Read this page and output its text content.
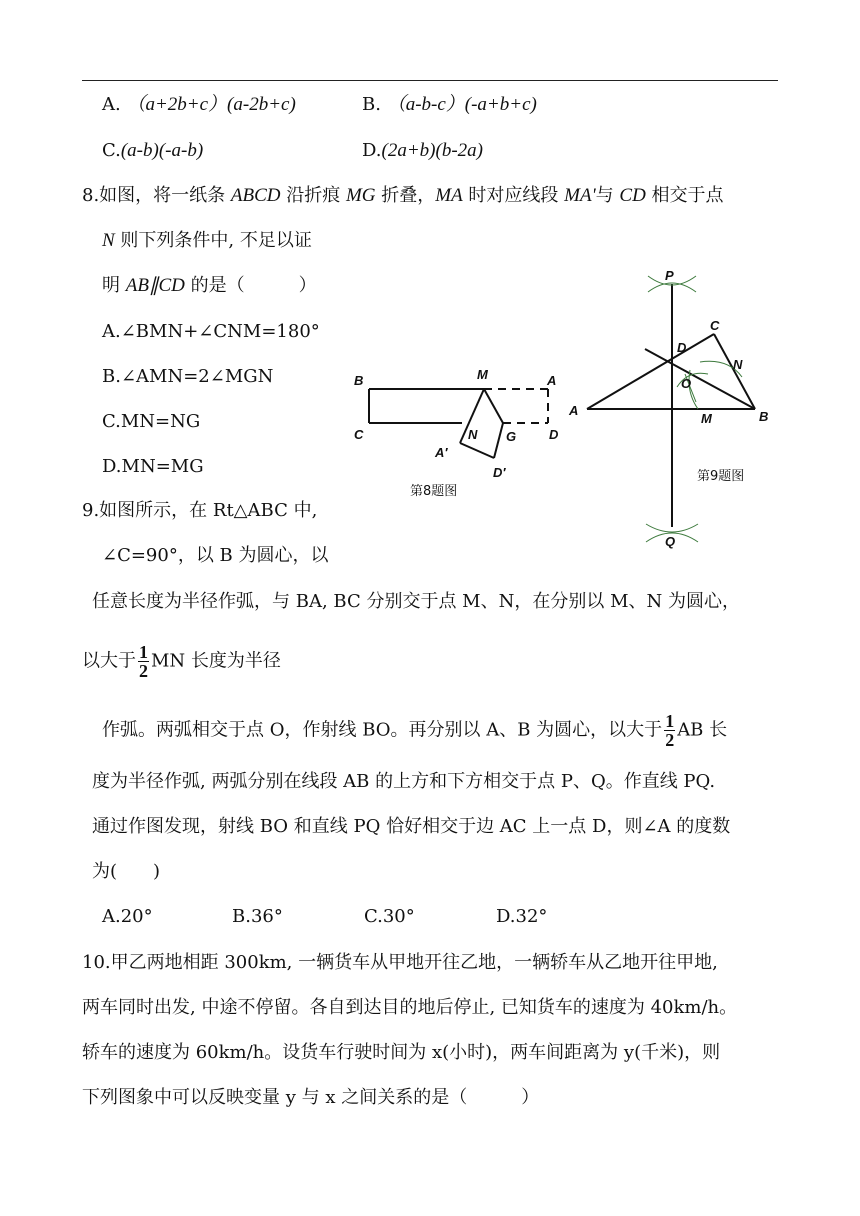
A. （a+2b+c）(a-2b+c)	B. （a-b-c）(-a+b+c)
C.(a-b)(-a-b)	D.(2a+b)(b-2a)
8.如图，将一纸条 ABCD 沿折痕 MG 折叠，MA 时对应线段 MA'与 CD 相交于点
N 则下列条件中, 不足以证
明 AB∥CD 的是（　　　）
A.∠BMN+∠CNM=180°
B.∠AMN=2∠MGN
C.MN=NG
D.MN=MG
B	M	A
C	N G	D
A′
D′
第8题图
P
C
D
N
O
A
M	B
Q
第9题图
9.如图所示，在 Rt△ABC 中,
∠C=90°，以 B 为圆心，以
任意长度为半径作弧，与 BA, BC 分别交于点 M、N，在分别以 M、N 为圆心，
以大于 $\frac{1}{2}$ MN 长度为半径
作弧。两弧相交于点 O，作射线 BO。再分别以 A、B 为圆心，以大于 $\frac{1}{2}$ AB 长
度为半径作弧, 两弧分别在线段 AB 的上方和下方相交于点 P、Q。作直线 PQ.
通过作图发现，射线 BO 和直线 PQ 恰好相交于边 AC 上一点 D，则∠A 的度数
为(　　)
A.20°	B.36°	C.30°	D.32°
10.甲乙两地相距 300km, 一辆货车从甲地开往乙地，一辆轿车从乙地开往甲地,
两车同时出发, 中途不停留。各自到达目的地后停止, 已知货车的速度为 40km/h。
轿车的速度为 60km/h。设货车行驶时间为 x(小时)，两车间距离为 y(千米)，则
下列图象中可以反映变量 y 与 x 之间关系的是（　　　）
